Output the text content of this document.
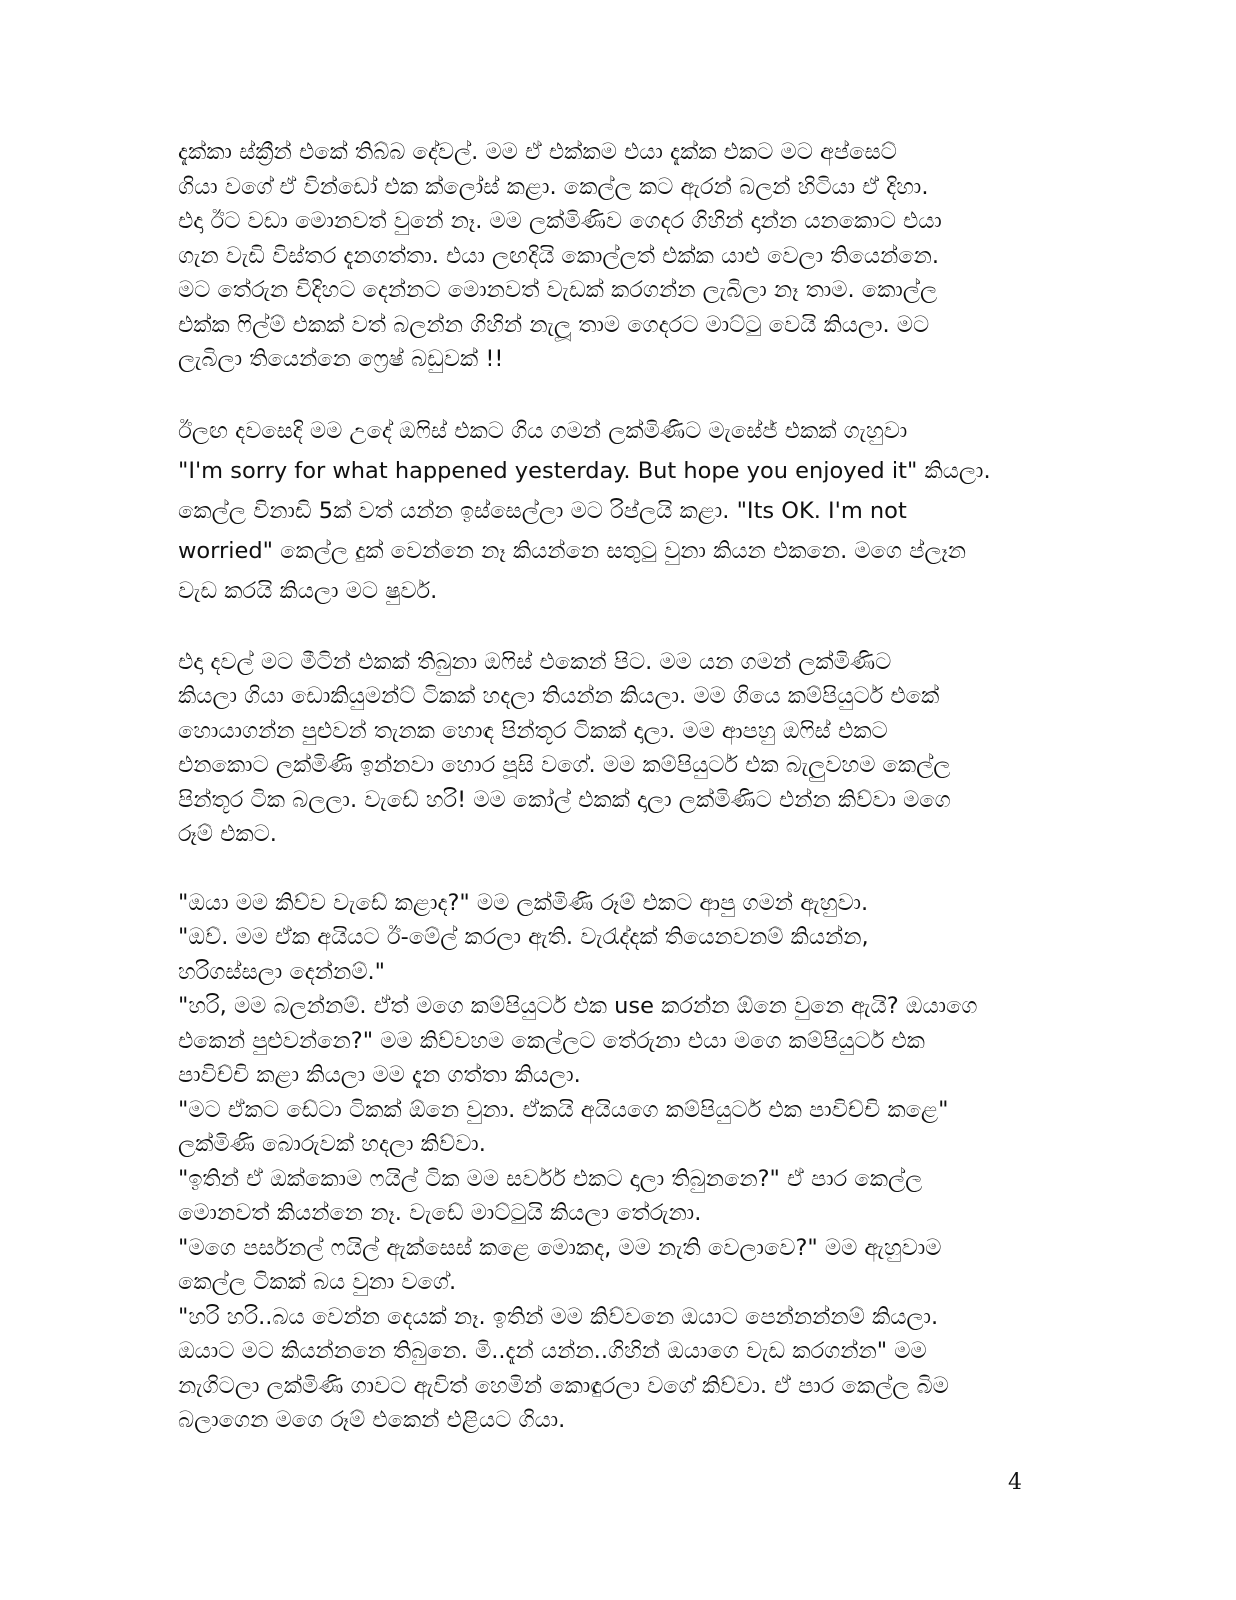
දැක්කා ස්ක්‍රීන් එකේ තිබ්බ දේවල්. මම ඒ එක්කම එයා දැක්ක එකට මට අප්සෙට්
ගියා වගේ ඒ වින්ඩෝ එක ක්ලෝස් කළා. කෙල්ල කට ඇරන් බලන් හිටියා ඒ දිහා.
එදා ඊට වඩා මොනවත් වුනේ නෑ. මම ලක්මිණිව ගෙදර ගිහින් දාන්න යනකොට එයා
ගැන වැඩි විස්තර දැනගත්තා. එයා ලඟදියි කොල්ලත් එක්ක යාළු වෙලා තියෙන්නෙ.
මට තේරුන විදිහට දෙන්නට මොනවත් වැඩක් කරගන්න ලැබිලා නෑ තාම. කොල්ල
එක්ක ෆිල්ම් එකක් වත් බලන්න ගිහින් නැලූ තාම ගෙදරට මාට්ටු වෙයි කියලා. මට
ලැබිලා තියෙන්නෙ ෆ්‍රෙෂ් බඩුවක් !!

ඊලඟ දවසෙදි මම උදේ ඔෆිස් එකට ගිය ගමන් ලක්මිණිට මැසේජ් එකක් ගැහුවා
"I'm sorry for what happened yesterday. But hope you enjoyed it" කියලා.
කෙල්ල විනාඩි 5ක් වත් යන්න ඉස්සෙල්ලා මට රිප්ලයි කළා. "Its OK. I'm not
worried" කෙල්ල දුක් වෙන්නෙ නෑ කියන්නෙ සතුටු වුනා කියන එකනෙ. මගෙ ප්ලෑන
වැඩ කරයි කියලා මට ෂුවර්.

එදා දවල් මට මීටින් එකක් තිබුනා ඔෆිස් එකෙන් පිට. මම යන ගමන් ලක්මිණිට
කියලා ගියා ඩොකියුමන්ට් ටිකක් හදලා තියන්න කියලා. මම ගියෙ කම්පියුටර් එකේ
හොයාගන්න පුළුවන් තැනක හොඳ පින්තූර ටිකක් දාලා. මම ආපහු ඔෆිස් එකට
එනකොට ලක්මිණි ඉන්නවා හොර පූසි වගේ. මම කම්පියුටර් එක බැලුවහම කෙල්ල
පින්තූර ටික බලලා. වැඩේ හරි! මම කෝල් එකක් දාලා ලක්මිණිට එන්න කිව්වා මගෙ
රූම් එකට.

"ඔයා මම කිව්ව වැඩේ කළාද?" මම ලක්මිණි රූම් එකට ආපු ගමන් ඇහුවා.
"ඔව්. මම ඒක අයියට ඊ-මේල් කරලා ඇති. වැරැද්දක් තියෙනවනම් කියන්න,
හරිගස්සලා දෙන්නම්."
"හරි, මම බලන්නම්. ඒත් මගෙ කම්පියුටර් එක use කරන්න ඕනෙ වුනෙ ඇයි? ඔයාගෙ
එකෙන් පුළුවන්නෙ?" මම කිව්වහම කෙල්ලට තේරුනා එයා මගෙ කම්පියුටර් එක
පාවිච්චි කළා කියලා මම දැන ගත්තා කියලා.
"මට ඒකට ඩේටා ටිකක් ඕනෙ වුනා. ඒකයි අයියගෙ කම්පියුටර් එක පාවිච්චි කළෙ"
ලක්මිණි බොරුවක් හදලා කිව්වා.
"ඉතින් ඒ ඔක්කොම ෆයිල් ටික මම සර්වර් එකට දාලා තිබුනනෙ?" ඒ පාර කෙල්ල
මොනවත් කියන්නෙ නෑ. වැඩේ මාට්ටුයි කියලා තේරුනා.
"මගෙ පර්සනල් ෆයිල් ඇක්සෙස් කළෙ මොකද, මම නැති වෙලාවෙ?" මම ඇහුවාම
කෙල්ල ටිකක් බය වුනා වගේ.
"හරි හරි..බය වෙන්න දෙයක් නෑ. ඉතින් මම කිව්වනෙ ඔයාට පෙන්නන්නම් කියලා.
ඔයාට මට කියන්නනෙ තිබුනෙ. මි..දැන් යන්න..ගිහින් ඔයාගෙ වැඩ කරගන්න" මම
නැගිටලා ලක්මිණි ගාවට ඇවිත් හෙමින් කොඳුරලා වගේ කිව්වා. ඒ පාර කෙල්ල බිම
බලාගෙන මගෙ රූම් එකෙන් එළියට ගියා.

4
